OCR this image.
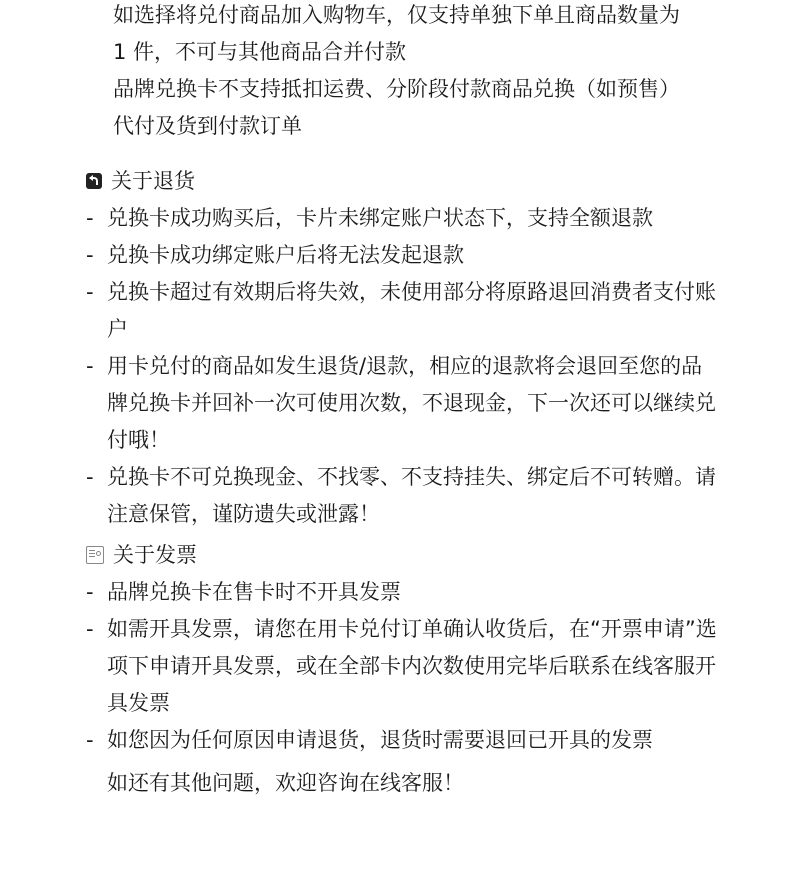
如选择将兑付商品加入购物车，仅支持单独下单且商品数量为
1 件，不可与其他商品合并付款
品牌兑换卡不支持抵扣运费、分阶段付款商品兑换（如预售）
代付及货到付款订单
关于退货
- 兑换卡成功购买后，卡片未绑定账户状态下，支持全额退款
- 兑换卡成功绑定账户后将无法发起退款
- 兑换卡超过有效期后将失效，未使用部分将原路退回消费者支付账户
- 用卡兑付的商品如发生退货/退款，相应的退款将会退回至您的品牌兑换卡并回补一次可使用次数，不退现金，下一次还可以继续兑付哦！
- 兑换卡不可兑换现金、不找零、不支持挂失、绑定后不可转赠。请注意保管，谨防遗失或泄露！
关于发票
- 品牌兑换卡在售卡时不开具发票
- 如需开具发票，请您在用卡兑付订单确认收货后，在“开票申请”选项下申请开具发票，或在全部卡内次数使用完毕后联系在线客服开具发票
- 如您因为任何原因申请退货，退货时需要退回已开具的发票
如还有其他问题，欢迎咨询在线客服！
